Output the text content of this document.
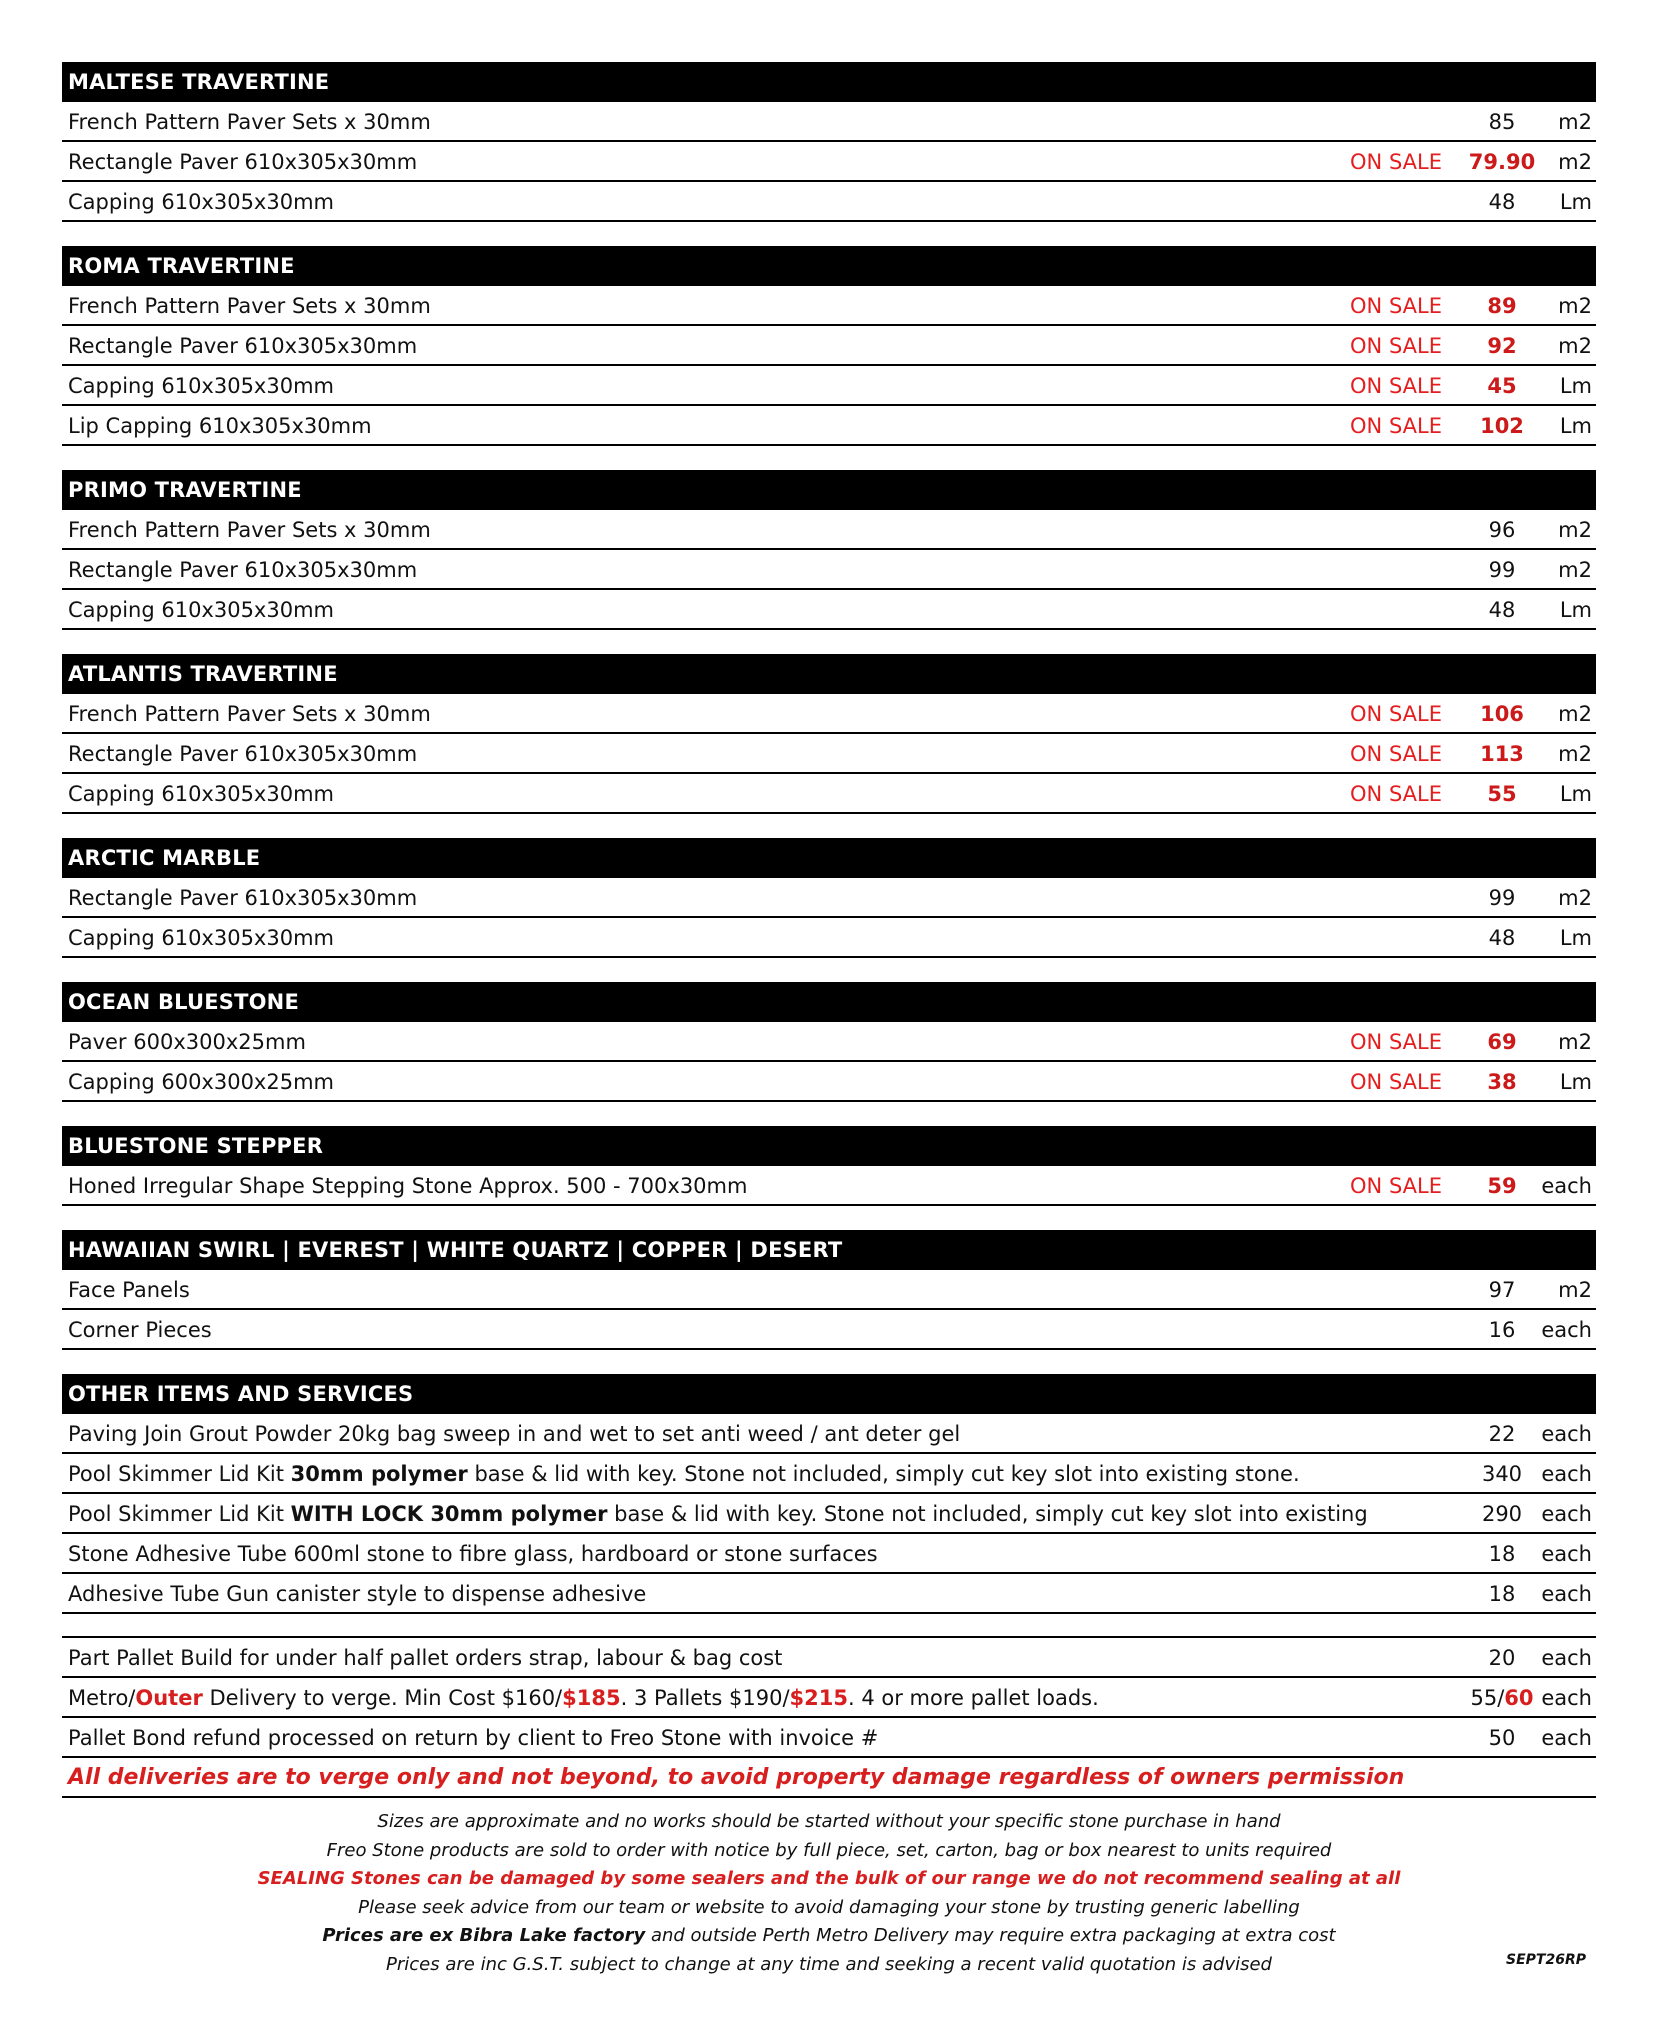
MALTESE TRAVERTINE
French Pattern Paver Sets x 30mm	85	m2
Rectangle Paver 610x305x30mm	ON SALE	79.90	m2
Capping 610x305x30mm	48	Lm
ROMA TRAVERTINE
French Pattern Paver Sets x 30mm	ON SALE	89	m2
Rectangle Paver 610x305x30mm	ON SALE	92	m2
Capping 610x305x30mm	ON SALE	45	Lm
Lip Capping 610x305x30mm	ON SALE	102	Lm
PRIMO TRAVERTINE
French Pattern Paver Sets x 30mm	96	m2
Rectangle Paver 610x305x30mm	99	m2
Capping 610x305x30mm	48	Lm
ATLANTIS TRAVERTINE
French Pattern Paver Sets x 30mm	ON SALE	106	m2
Rectangle Paver 610x305x30mm	ON SALE	113	m2
Capping 610x305x30mm	ON SALE	55	Lm
ARCTIC MARBLE
Rectangle Paver 610x305x30mm	99	m2
Capping 610x305x30mm	48	Lm
OCEAN BLUESTONE
Paver 600x300x25mm	ON SALE	69	m2
Capping 600x300x25mm	ON SALE	38	Lm
BLUESTONE STEPPER
Honed Irregular Shape Stepping Stone Approx. 500 - 700x30mm	ON SALE	59	each
HAWAIIAN SWIRL | EVEREST | WHITE QUARTZ | COPPER | DESERT
Face Panels	97	m2
Corner Pieces	16	each
OTHER ITEMS AND SERVICES
Paving Join Grout Powder 20kg bag sweep in and wet to set anti weed / ant deter gel	22	each
Pool Skimmer Lid Kit 30mm polymer base & lid with key. Stone not included, simply cut key slot into existing stone.	340 each
Pool Skimmer Lid Kit WITH LOCK 30mm polymer base & lid with key. Stone not included, simply cut key slot into existing	290 each
Stone Adhesive Tube 600ml stone to fibre glass, hardboard or stone surfaces	18	each
Adhesive Tube Gun canister style to dispense adhesive	18	each
Part Pallet Build for under half pallet orders strap, labour & bag cost	20	each
Metro/Outer Delivery to verge. Min Cost $160/$185. 3 Pallets $190/$215. 4 or more pallet loads.	55/60 each
Pallet Bond refund processed on return by client to Freo Stone with invoice #	50	each
All deliveries are to verge only and not beyond, to avoid property damage regardless of owners permission
Sizes are approximate and no works should be started without your specific stone purchase in hand
Freo Stone products are sold to order with notice by full piece, set, carton, bag or box nearest to units required
SEALING Stones can be damaged by some sealers and the bulk of our range we do not recommend sealing at all
Please seek advice from our team or website to avoid damaging your stone by trusting generic labelling
Prices are ex Bibra Lake factory and outside Perth Metro Delivery may require extra packaging at extra cost
Prices are inc G.S.T. subject to change at any time and seeking a recent valid quotation is advised	SEPT26RP
